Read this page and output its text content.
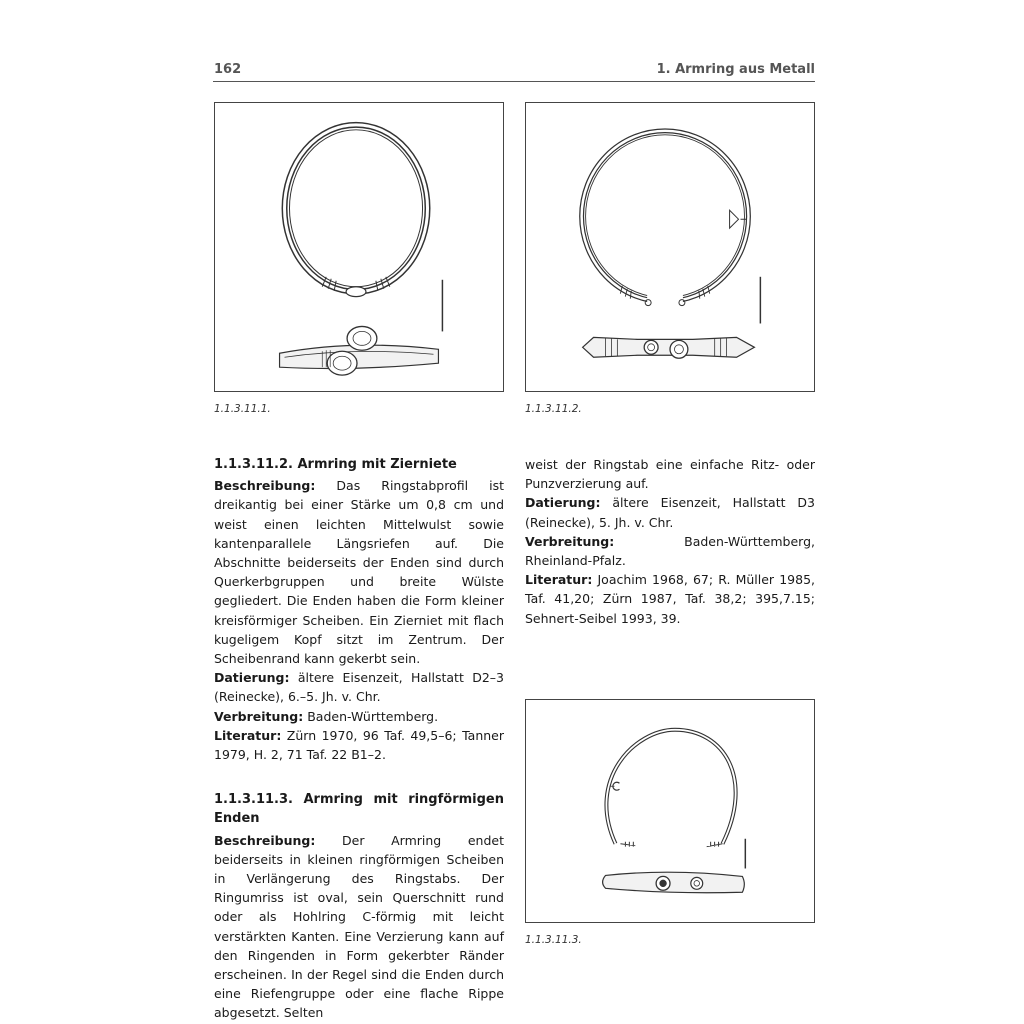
162	1. Armring aus Metall
1.1.3.11.1.	1.1.3.11.2.
1.1.3.11.3.

1.1.3.11.2. Armring mit Zierniete

Beschreibung: Das Ringstabprofil ist dreikantig bei einer Stärke um 0,8 cm und weist einen leichten Mittelwulst sowie kantenparallele Längsriefen auf. Die Abschnitte beiderseits der Enden sind durch Querkerbgruppen und breite Wülste gegliedert. Die Enden haben die Form kleiner kreisförmiger Scheiben. Ein Zierniet mit flach kugeligem Kopf sitzt im Zentrum. Der Scheibenrand kann gekerbt sein.

Datierung: ältere Eisenzeit, Hallstatt D2–3 (Reinecke), 6.–5. Jh. v. Chr.

Verbreitung: Baden-Württemberg.

Literatur: Zürn 1970, 96 Taf. 49,5–6; Tanner 1979, H. 2, 71 Taf. 22 B1–2.

1.1.3.11.3. Armring mit ringförmigen Enden

Beschreibung: Der Armring endet beiderseits in kleinen ringförmigen Scheiben in Verlängerung des Ringstabs. Der Ringumriss ist oval, sein Querschnitt rund oder als Hohlring C-förmig mit leicht verstärkten Kanten. Eine Verzierung kann auf den Ringenden in Form gekerbter Ränder erscheinen. In der Regel sind die Enden durch eine Riefengruppe oder eine flache Rippe abgesetzt. Selten

weist der Ringstab eine einfache Ritz- oder Punzverzierung auf.

Datierung: ältere Eisenzeit, Hallstatt D3 (Reinecke), 5. Jh. v. Chr.

Verbreitung: Baden-Württemberg, Rheinland-Pfalz.

Literatur: Joachim 1968, 67; R. Müller 1985, Taf. 41,20; Zürn 1987, Taf. 38,2; 395,7.15; Sehnert-Seibel 1993, 39.
